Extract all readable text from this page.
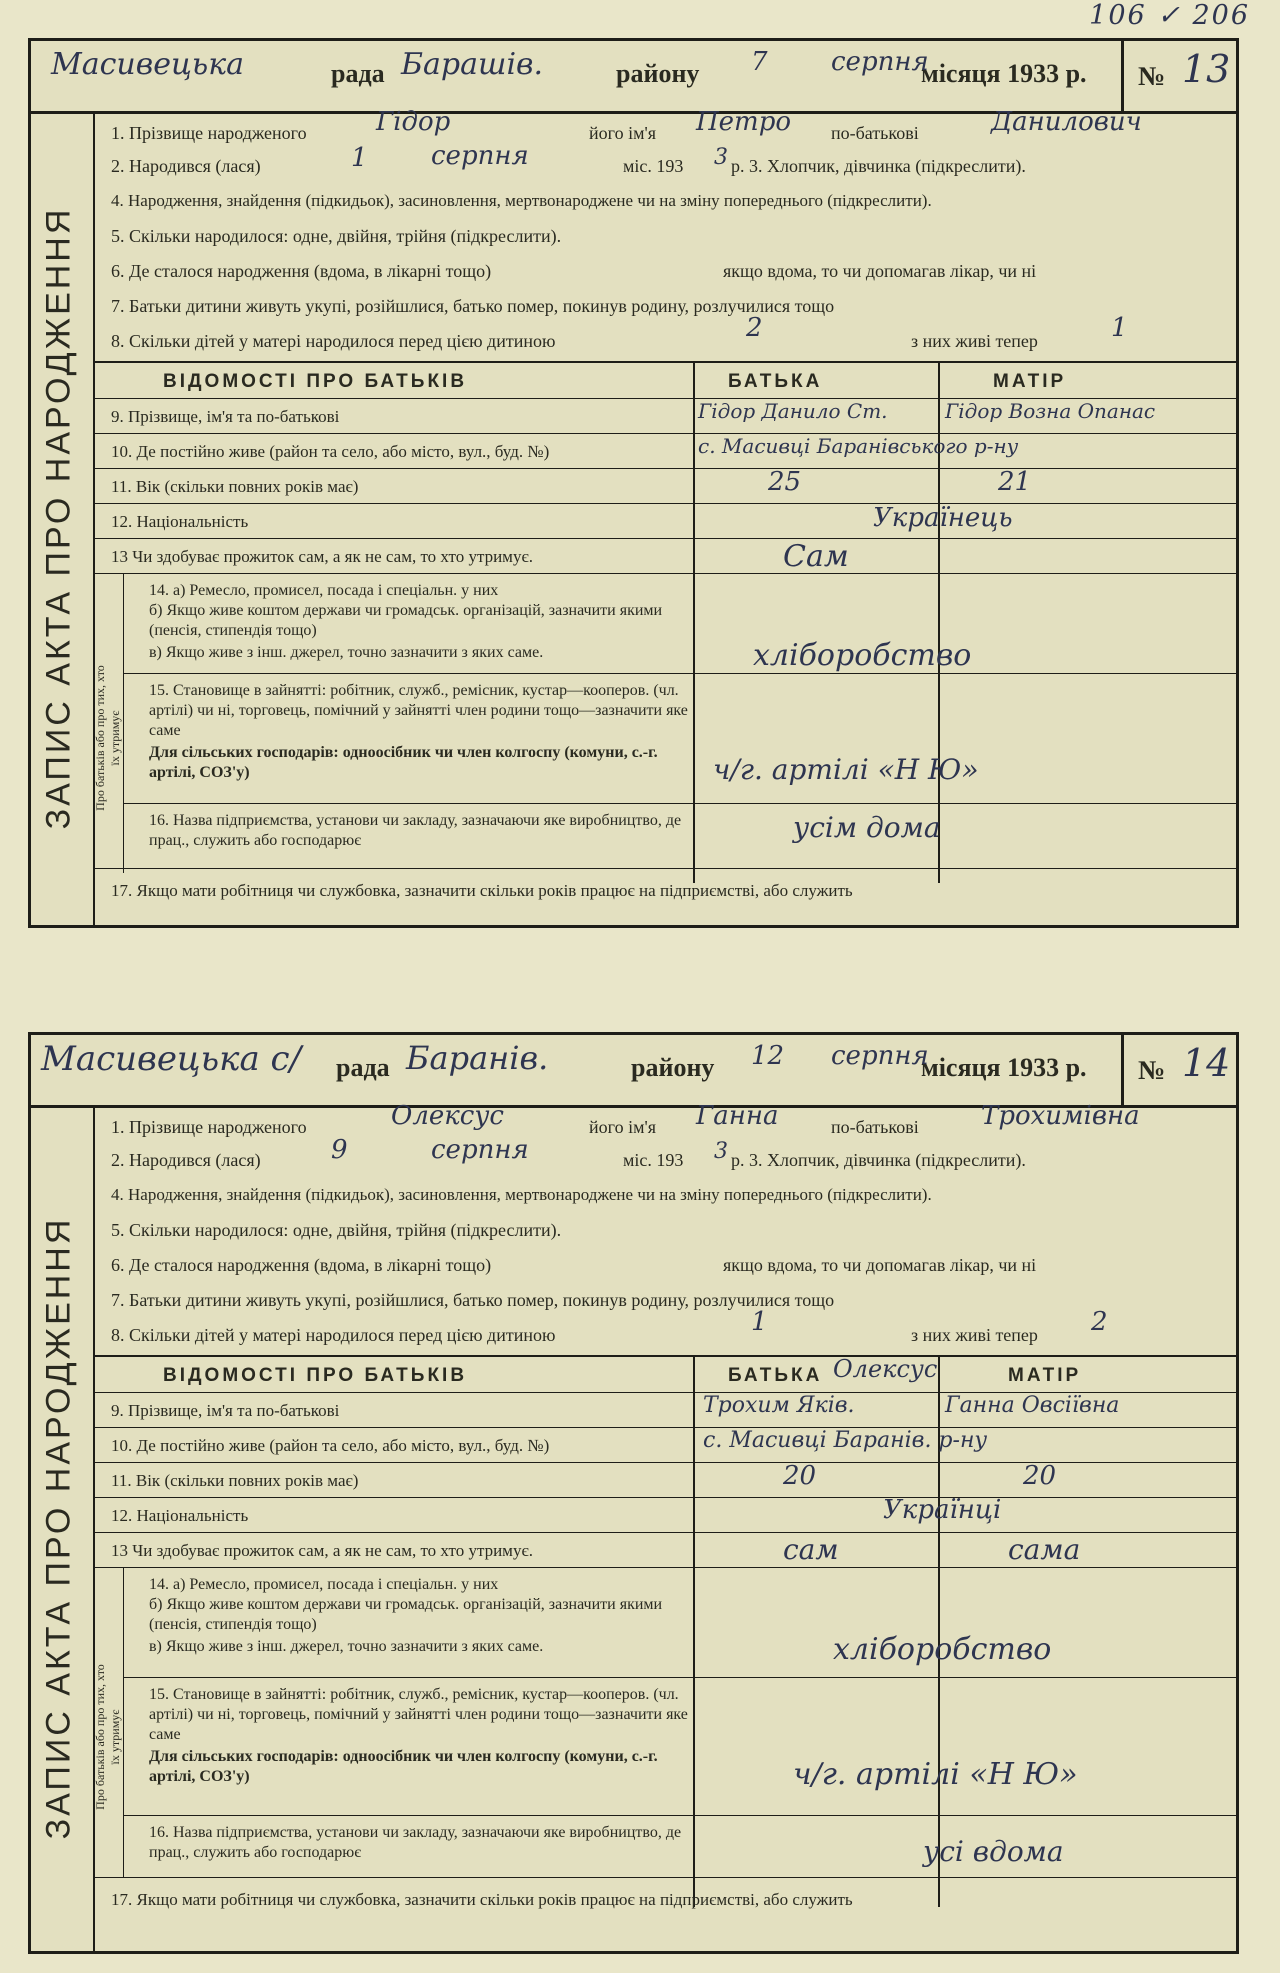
106 ✓ 206
Масивецька	рада Барашів.	району 7 серпня
місяця 1933 р. № 13
ЗАПИС АКТА ПРО НАРОДЖЕННЯ
1. Прізвище народженого	Гідор	його ім'я Петро по-батькові	Данилович
2. Народився (лася)	1 серпня	міс. 193 3 р. 3. Хлопчик, дівчинка (підкреслити).
4. Народження, знайдення (підкидьок), засиновлення, мертвонароджене чи на зміну попереднього (підкреслити).
5. Скільки народилося: одне, двійня, трійня (підкреслити).
6. Де сталося народження (вдома, в лікарні тощо)	якщо вдома, то чи допомагав лікар, чи ні
7. Батьки дитини живуть укупі, розійшлися, батько помер, покинув родину, розлучилися тощо
8. Скільки дітей у матері народилося перед цією дитиною	2	з них живі тепер	1
ВІДОМОСТІ ПРО БАТЬКІВ	БАТЬКА	МАТІР
9. Прізвище, ім'я та по-батькові	Гідор Данило Ст.	Гідор Возна Опанас
10. Де постійно живе (район та село, або місто, вул., буд. №)	с. Масивці Баранівського р-ну
11. Вік (скільки повних років має)	25	21
12. Національність	Українець
13 Чи здобуває прожиток сам, а як не сам, то хто утримує.	Сам
Про батьків або про тих, хто їх утримує
14. а) Ремесло, промисел, посада і спеціальн. у них
б) Якщо живе коштом держави чи громадськ. організацій, зазначити якими (пенсія, стипендія тощо)
в) Якщо живе з інш. джерел, точно зазначити з яких саме.	хліборобство
15. Становище в зайнятті: робітник, служб., ремісник, кустар—кооперов. (чл. артілі) чи ні, торговець, помічний у зайнятті член родини тощо—зазначити яке саме
Для сільських господарів: одноосібник чи член колгоспу (комуни, с.-г. артілі, СОЗ'у)	ч/г. артілі «Н Ю»
16. Назва підприємства, установи чи закладу, зазначаючи яке виробництво, де прац., служить або господарює	усім дома
17. Якщо мати робітниця чи службовка, зазначити скільки років працює на підприємстві, або служить
Масивецька с/ рада Баранів.	району 12 серпня
місяця 1933 р. № 14
ЗАПИС АКТА ПРО НАРОДЖЕННЯ
1. Прізвище народженого	Олексус	його ім'я Ганна	по-батькові Трохимівна
2. Народився (лася)	9	серпня	міс. 193 3 р. 3. Хлопчик, дівчинка (підкреслити).
4. Народження, знайдення (підкидьок), засиновлення, мертвонароджене чи на зміну попереднього (підкреслити).
5. Скільки народилося: одне, двійня, трійня (підкреслити).
6. Де сталося народження (вдома, в лікарні тощо)	якщо вдома, то чи допомагав лікар, чи ні
7. Батьки дитини живуть укупі, розійшлися, батько помер, покинув родину, розлучилися тощо
8. Скільки дітей у матері народилося перед цією дитиною	1	з них живі тепер 2
ВІДОМОСТІ ПРО БАТЬКІВ	БАТЬКА Олексус	МАТІР
9. Прізвище, ім'я та по-батькові	Трохим Яків.	Ганна Овсіївна
10. Де постійно живе (район та село, або місто, вул., буд. №)	с. Масивці Баранів. р-ну
11. Вік (скільки повних років має)	20	20
12. Національність	Українці
13 Чи здобуває прожиток сам, а як не сам, то хто утримує.	сам	сама
Про батьків або про тих, хто їх утримує
14. а) Ремесло, промисел, посада і спеціальн. у них
б) Якщо живе коштом держави чи громадськ. організацій, зазначити якими (пенсія, стипендія тощо)
в) Якщо живе з інш. джерел, точно зазначити з яких саме.	хліборобство
15. Становище в зайнятті: робітник, служб., ремісник, кустар—кооперов. (чл. артілі) чи ні, торговець, помічний у зайнятті член родини тощо—зазначити яке саме
Для сільських господарів: одноосібник чи член колгоспу (комуни, с.-г. артілі, СОЗ'у)	ч/г. артілі «Н Ю»
16. Назва підприємства, установи чи закладу, зазначаючи яке виробництво, де прац., служить або господарює	усі вдома
17. Якщо мати робітниця чи службовка, зазначити скільки років працює на підприємстві, або служить
